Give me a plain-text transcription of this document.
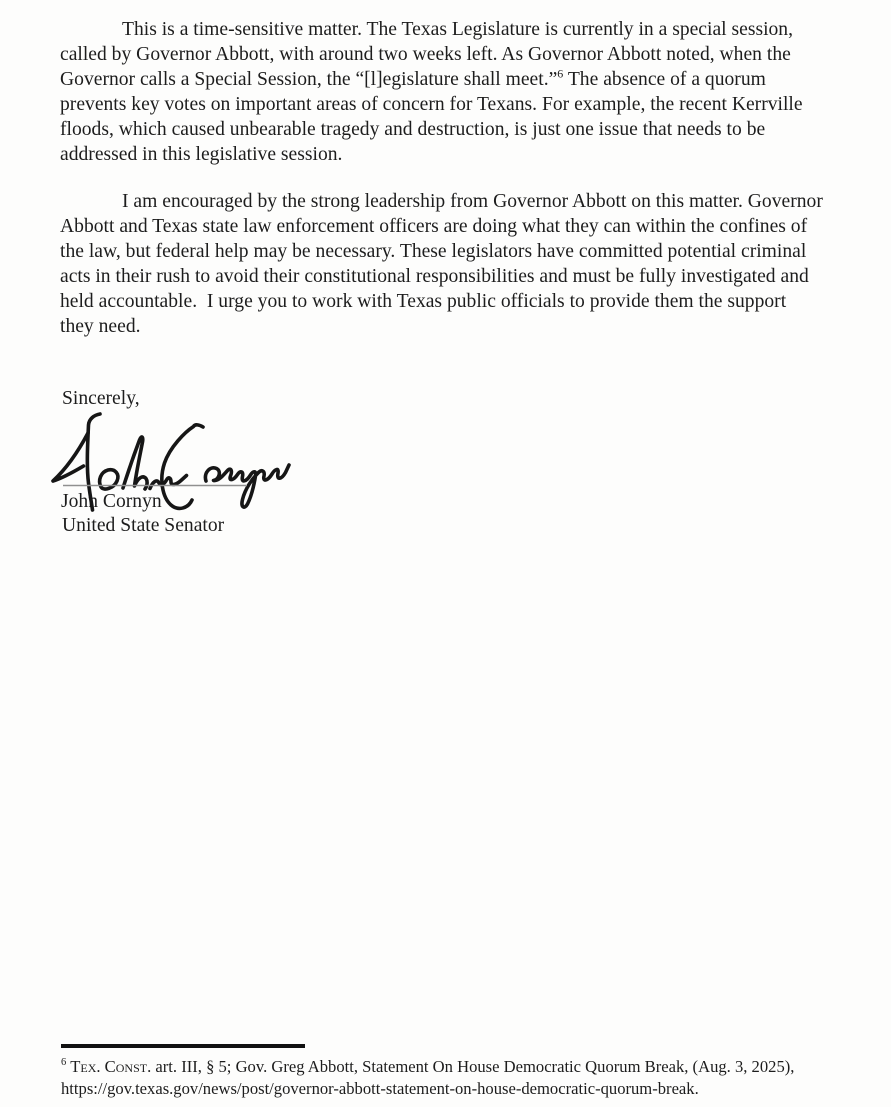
This is a time-sensitive matter. The Texas Legislature is currently in a special session,
called by Governor Abbott, with around two weeks left. As Governor Abbott noted, when the
Governor calls a Special Session, the “[l]egislature shall meet.”$^6$ The absence of a quorum
prevents key votes on important areas of concern for Texans. For example, the recent Kerrville
floods, which caused unbearable tragedy and destruction, is just one issue that needs to be
addressed in this legislative session.
I am encouraged by the strong leadership from Governor Abbott on this matter. Governor
Abbott and Texas state law enforcement officers are doing what they can within the confines of
the law, but federal help may be necessary. These legislators have committed potential criminal
acts in their rush to avoid their constitutional responsibilities and must be fully investigated and
held accountable.  I urge you to work with Texas public officials to provide them the support
they need.
Sincerely,
John Cornyn
United State Senator
$^6$ Tex. Const. art. III, § 5; Gov. Greg Abbott, Statement On House Democratic Quorum Break, (Aug. 3, 2025),
https://gov.texas.gov/news/post/governor-abbott-statement-on-house-democratic-quorum-break.
